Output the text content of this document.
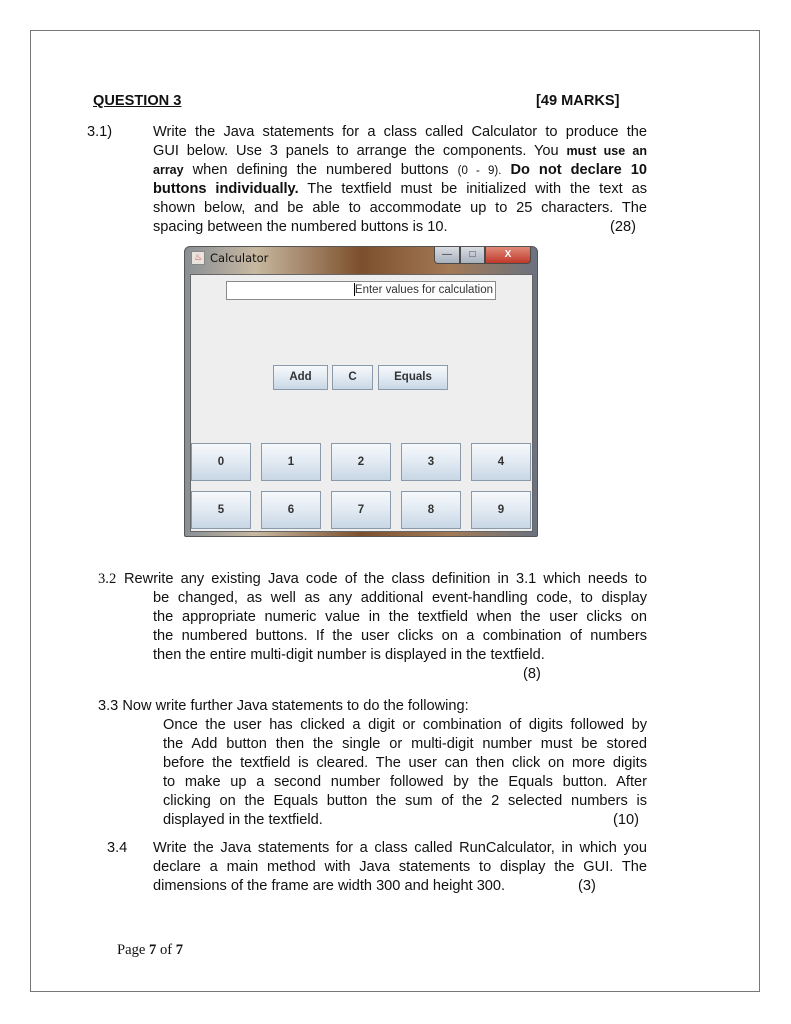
QUESTION 3	[49 MARKS]
3.1)	Write the Java statements for a class called Calculator to produce the
GUI below. Use 3 panels to arrange the components. You must use an
array when defining the numbered buttons (0 - 9). Do not declare 10
buttons individually. The textfield must be initialized with the text as
shown below, and be able to accommodate up to 25 characters. The
spacing between the numbered buttons is 10.	(28)
♨ Calculator	—	□	X
Enter values for calculation
Add	C	Equals
0	1	2	3	4
5	6	7	8	9
3.2 Rewrite any existing Java code of the class definition in 3.1 which needs to
be changed, as well as any additional event-handling code, to display
the appropriate numeric value in the textfield when the user clicks on
the numbered buttons. If the user clicks on a combination of numbers
then the entire multi-digit number is displayed in the textfield.
(8)
3.3 Now write further Java statements to do the following:
Once the user has clicked a digit or combination of digits followed by
the Add button then the single or multi-digit number must be stored
before the textfield is cleared. The user can then click on more digits
to make up a second number followed by the Equals button. After
clicking on the Equals button the sum of the 2 selected numbers is
displayed in the textfield.	(10)
3.4 Write the Java statements for a class called RunCalculator, in which you
declare a main method with Java statements to display the GUI. The
dimensions of the frame are width 300 and height 300.	(3)
Page 7 of 7
